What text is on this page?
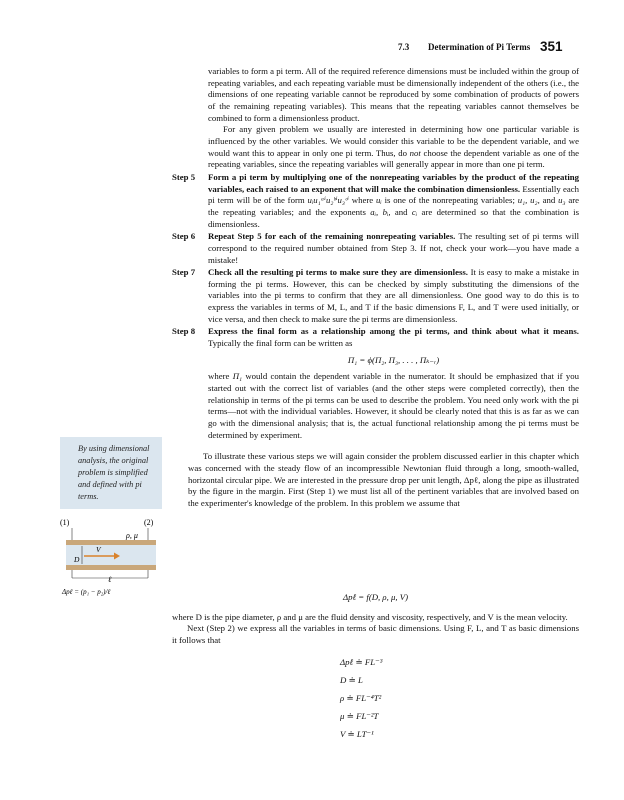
7.3 Determination of Pi Terms 351

variables to form a pi term. All of the required reference dimensions must be included within the group of repeating variables, and each repeating variable must be dimensionally independent of the others (i.e., the dimensions of one repeating variable cannot be reproduced by some combination of products of powers of the remaining repeating variables). This means that the repeating variables cannot themselves be combined to form a dimensionless product.

For any given problem we usually are interested in determining how one particular variable is influenced by the other variables. We would consider this variable to be the dependent variable, and we would want this to appear in only one pi term. Thus, do not choose the dependent variable as one of the repeating variables, since the repeating variables will generally appear in more than one pi term.

Step 5	Form a pi term by multiplying one of the nonrepeating variables by the product of the repeating variables, each raised to an exponent that will make the combination dimensionless. Essentially each pi term will be of the form uᵢu₁ᵃⁱu₂ᵇⁱu₃ᶜⁱ where uᵢ is one of the nonrepeating variables; u₁, u₂, and u₃ are the repeating variables; and the exponents aᵢ, bᵢ, and cᵢ are determined so that the combination is dimensionless.
Step 6	Repeat Step 5 for each of the remaining nonrepeating variables. The resulting set of pi terms will correspond to the required number obtained from Step 3. If not, check your work—you have made a mistake!
Step 7	Check all the resulting pi terms to make sure they are dimensionless. It is easy to make a mistake in forming the pi terms. However, this can be checked by simply substituting the dimensions of the variables into the pi terms to confirm that they are all dimensionless. One good way to do this is to express the variables in terms of M, L, and T if the basic dimensions F, L, and T were used initially, or vice versa, and then check to make sure the pi terms are dimensionless.
Step 8	Express the final form as a relationship among the pi terms, and think about what it means. Typically the final form can be written as

Π₁ = ϕ(Π₂, Π₃, . . . , Πₖ₋ᵣ)

where Π₁ would contain the dependent variable in the numerator. It should be emphasized that if you started out with the correct list of variables (and the other steps were completed correctly), then the relationship in terms of the pi terms can be used to describe the problem. You need only work with the pi terms—not with the individual variables. However, it should be clearly noted that this is as far as we can go with the dimensional analysis; that is, the actual functional relationship among the pi terms must be determined by experiment.

To illustrate these various steps we will again consider the problem discussed earlier in this chapter which was concerned with the steady flow of an incompressible Newtonian fluid through a long, smooth-walled, horizontal circular pipe. We are interested in the pressure drop per unit length, Δpℓ, along the pipe as illustrated by the figure in the margin. First (Step 1) we must list all of the pertinent variables that are involved based on the experimenter's knowledge of the problem. In this problem we assume that

Δpℓ = f(D, ρ, μ, V)

where D is the pipe diameter, ρ and μ are the fluid density and viscosity, respectively, and V is the mean velocity.

Next (Step 2) we express all the variables in terms of basic dimensions. Using F, L, and T as basic dimensions it follows that

Δpℓ ≐ FL⁻³
D ≐ L
ρ ≐ FL⁻⁴T²
μ ≐ FL⁻²T
V ≐ LT⁻¹

By using dimensional analysis, the original problem is simplified and defined with pi terms.

(1)	(2)
ρ, μ
V
D
ℓ
Δpℓ = (p₁ − p₂)/ℓ
